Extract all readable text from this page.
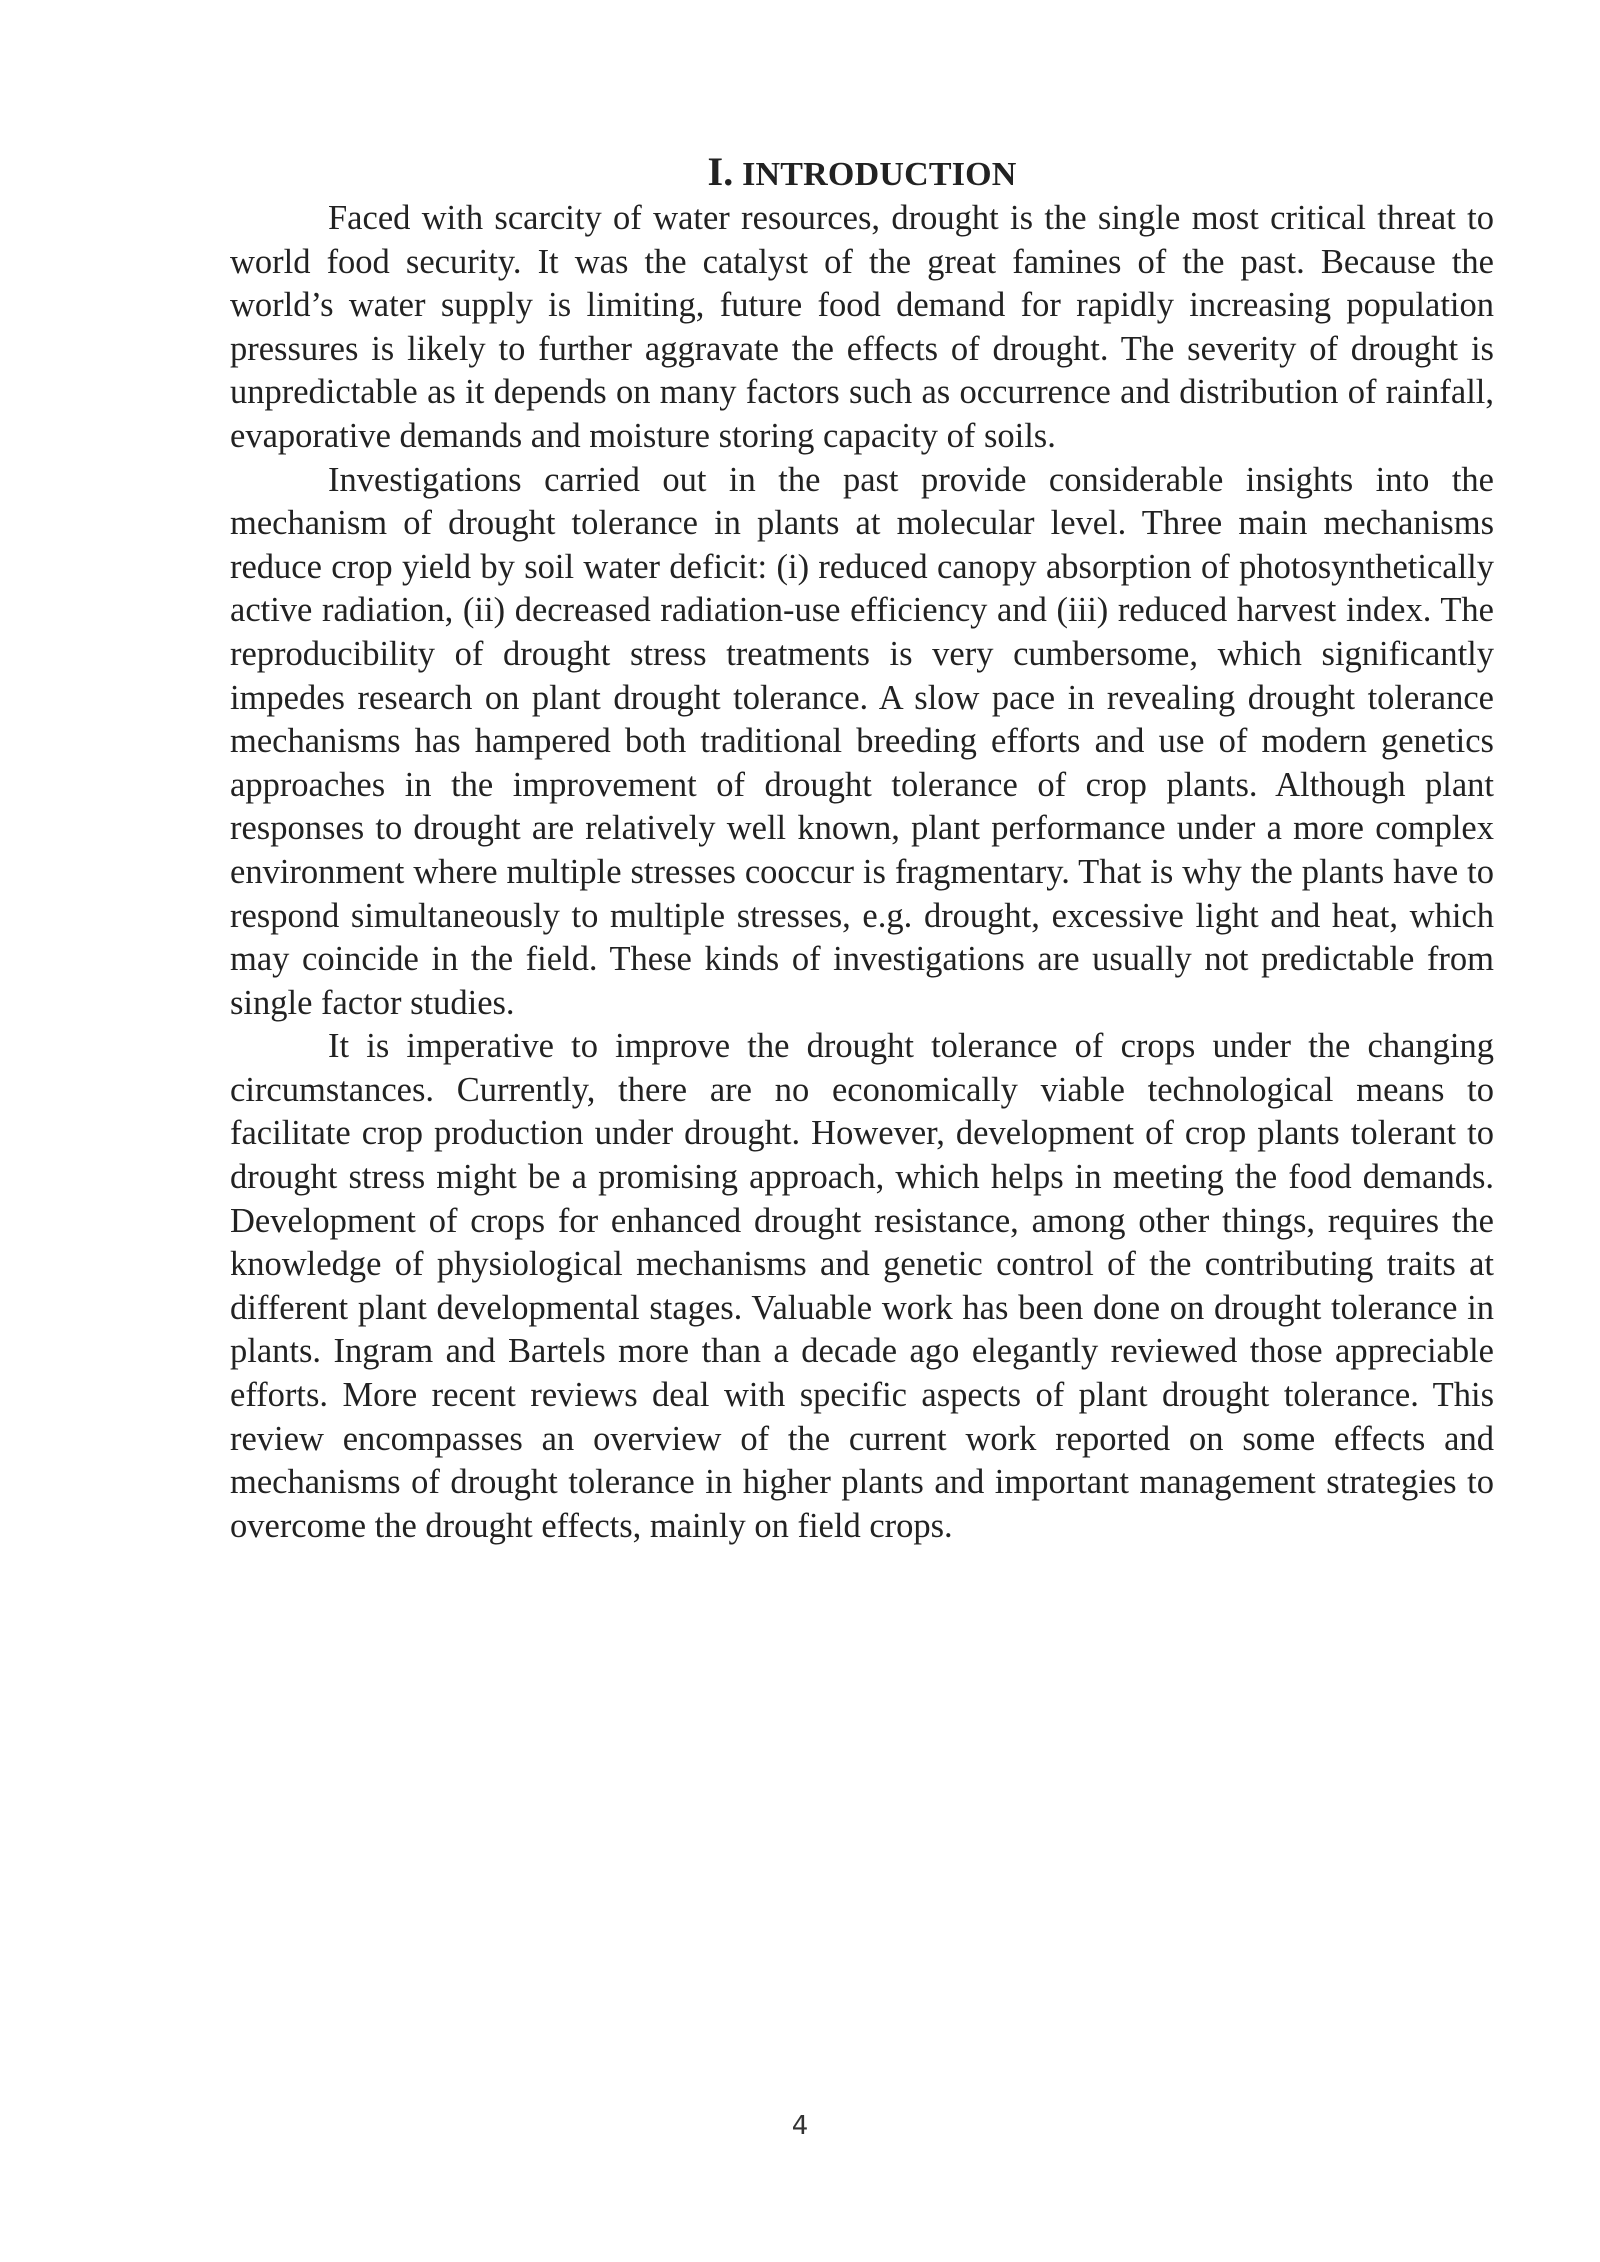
I. INTRODUCTION

Faced with scarcity of water resources, drought is the single most critical threat to world food security. It was the catalyst of the great famines of the past. Because the world’s water supply is limiting, future food demand for rapidly increasing population pressures is likely to further aggravate the effects of drought. The severity of drought is unpredictable as it depends on many factors such as occurrence and distribution of rainfall, evaporative demands and moisture storing capacity of soils.

Investigations carried out in the past provide considerable insights into the mechanism of drought tolerance in plants at molecular level. Three main mechanisms reduce crop yield by soil water deficit: (i) reduced canopy absorption of photosynthetically active radiation, (ii) decreased radiation-use efficiency and (iii) reduced harvest index. The reproducibility of drought stress treatments is very cumbersome, which significantly impedes research on plant drought tolerance. A slow pace in revealing drought tolerance mechanisms has hampered both traditional breeding efforts and use of modern genetics approaches in the improvement of drought tolerance of crop plants. Although plant responses to drought are relatively well known, plant performance under a more complex environment where multiple stresses cooccur is fragmentary. That is why the plants have to respond simultaneously to multiple stresses, e.g. drought, excessive light and heat, which may coincide in the field. These kinds of investigations are usually not predictable from single factor studies.

It is imperative to improve the drought tolerance of crops under the changing circumstances. Currently, there are no economically viable technological means to facilitate crop production under drought. However, development of crop plants tolerant to drought stress might be a promising approach, which helps in meeting the food demands. Development of crops for enhanced drought resistance, among other things, requires the knowledge of physiological mechanisms and genetic control of the contributing traits at different plant developmental stages. Valuable work has been done on drought tolerance in plants. Ingram and Bartels more than a decade ago elegantly reviewed those appreciable efforts. More recent reviews deal with specific aspects of plant drought tolerance. This review encompasses an overview of the current work reported on some effects and mechanisms of drought tolerance in higher plants and important management strategies to overcome the drought effects, mainly on field crops.

4
